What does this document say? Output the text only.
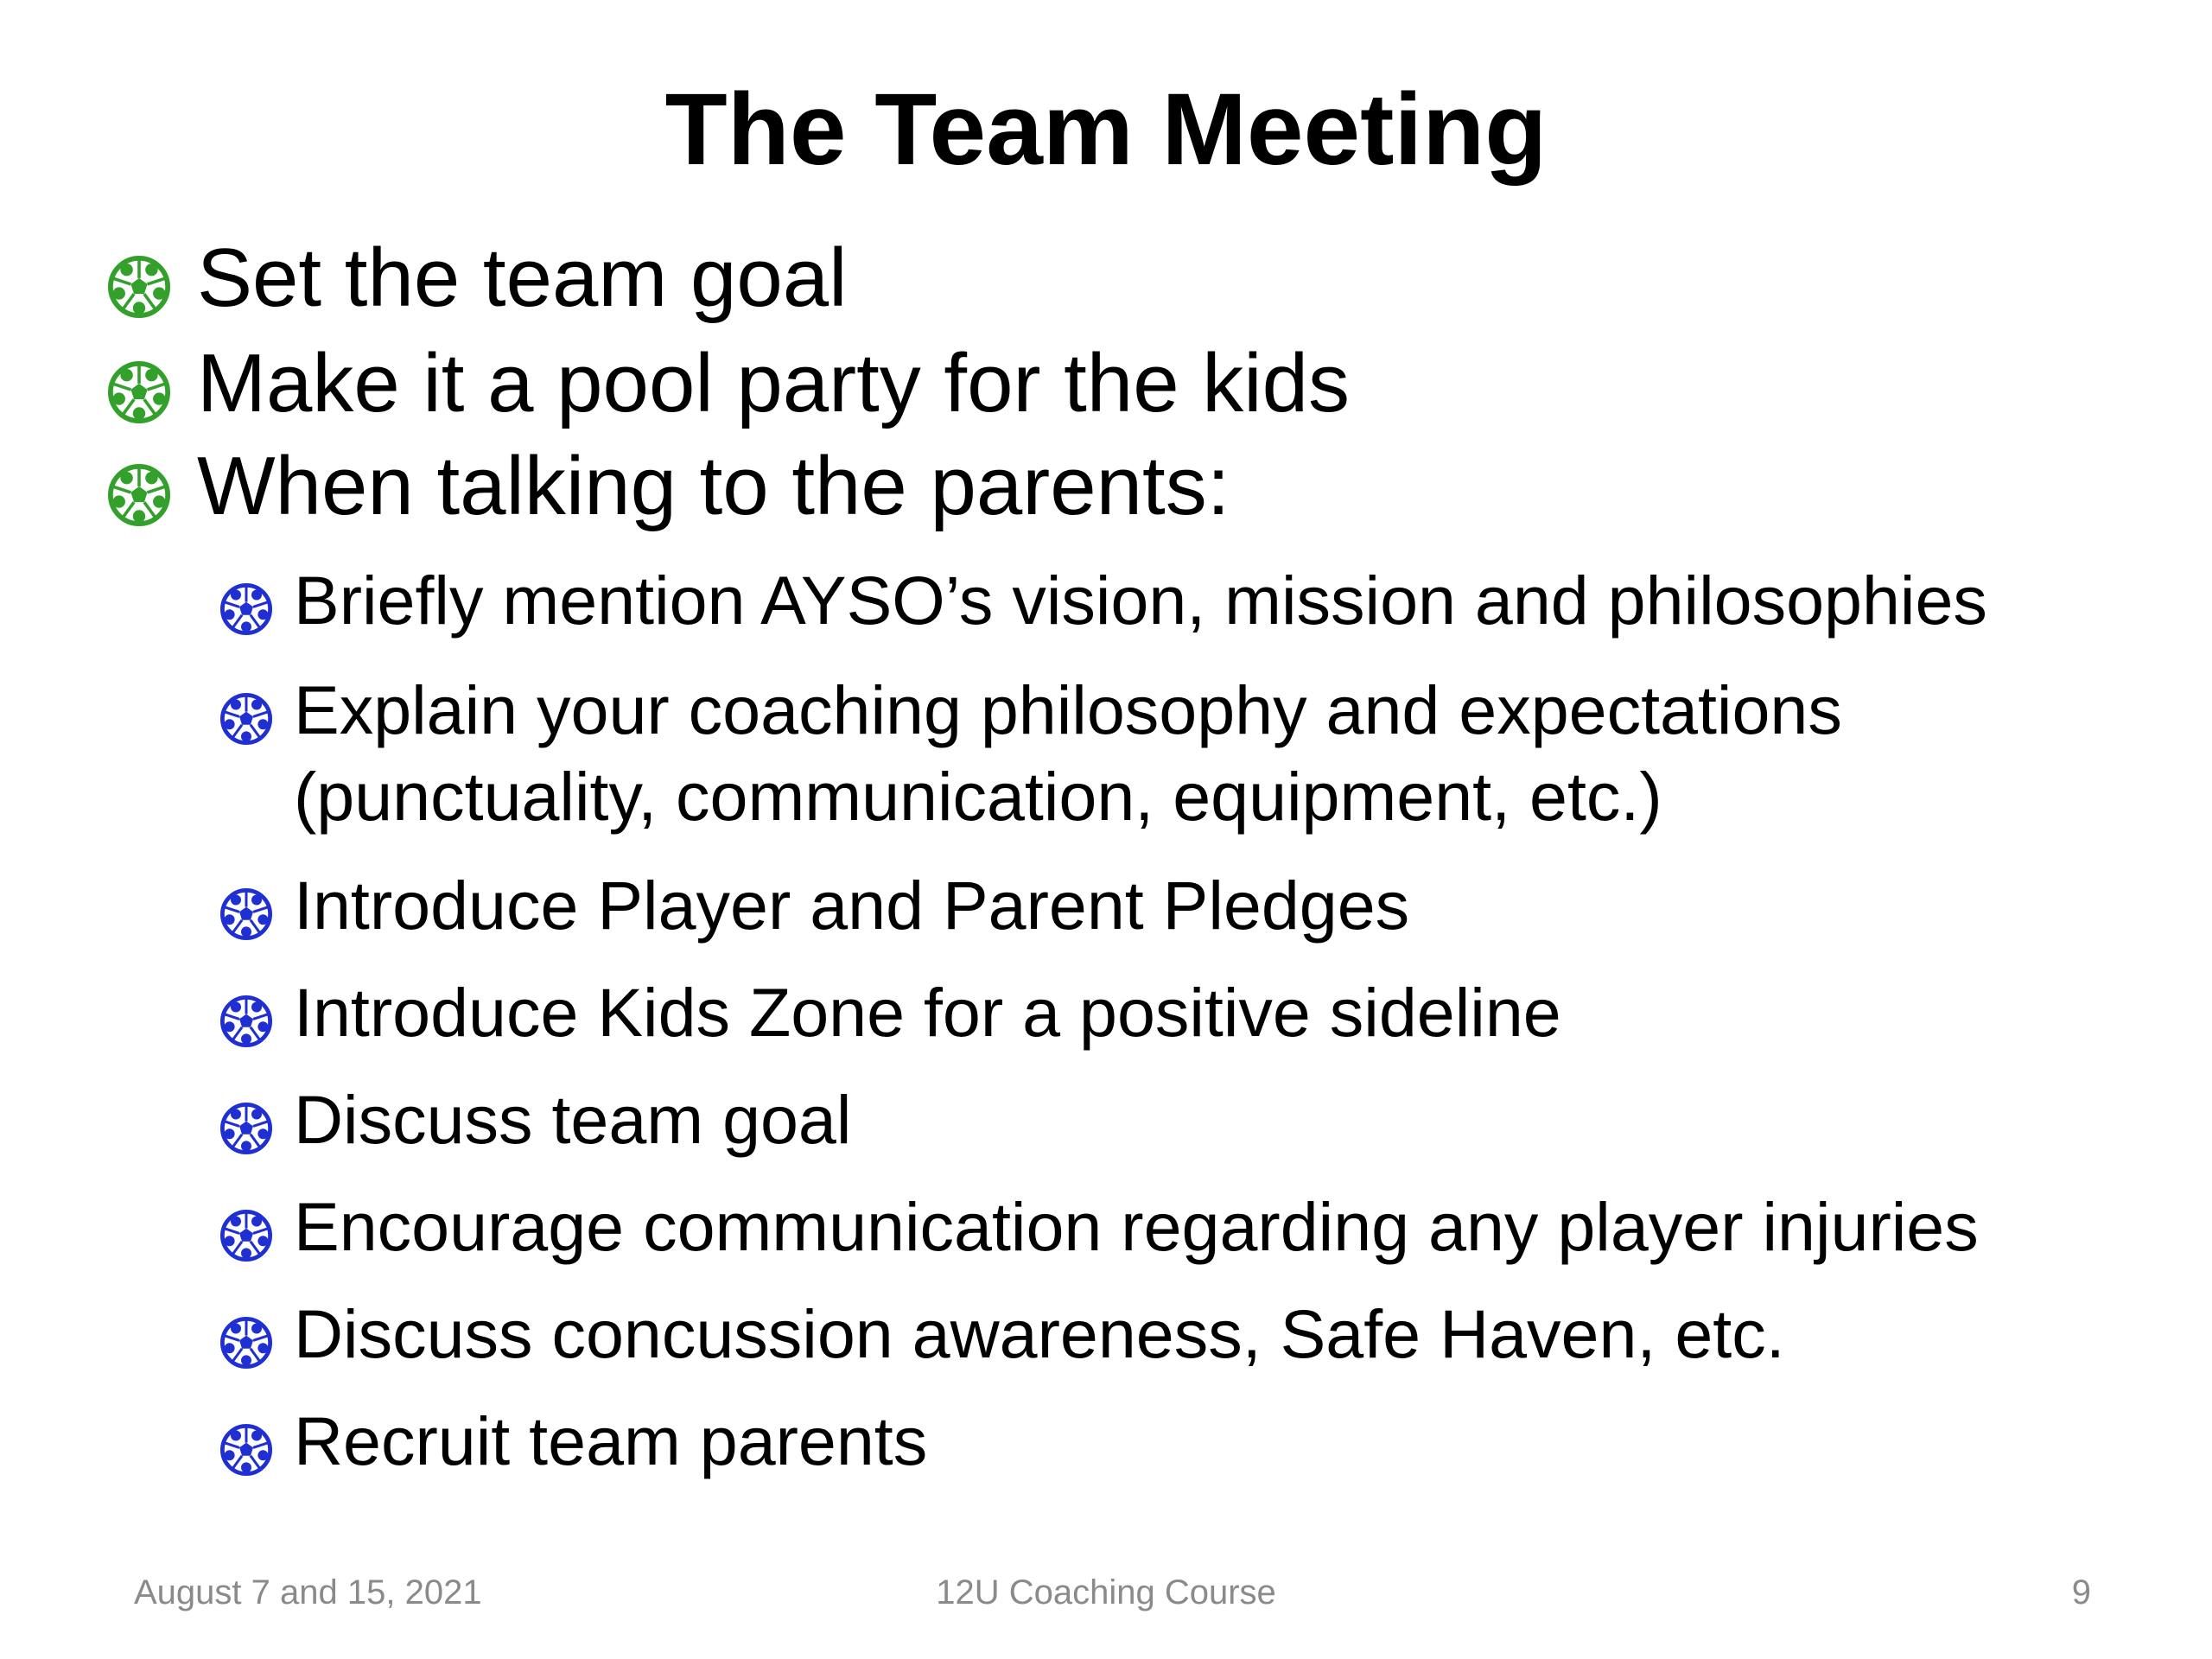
The Team Meeting
Set the team goal
Make it a pool party for the kids
When talking to the parents:
Briefly mention AYSO’s vision, mission and philosophies
Explain your coaching philosophy and expectations (punctuality, communication, equipment, etc.)
Introduce Player and Parent Pledges
Introduce Kids Zone for a positive sideline
Discuss team goal
Encourage communication regarding any player injuries
Discuss concussion awareness, Safe Haven, etc.
Recruit team parents
August 7 and 15, 2021	12U Coaching Course	9
